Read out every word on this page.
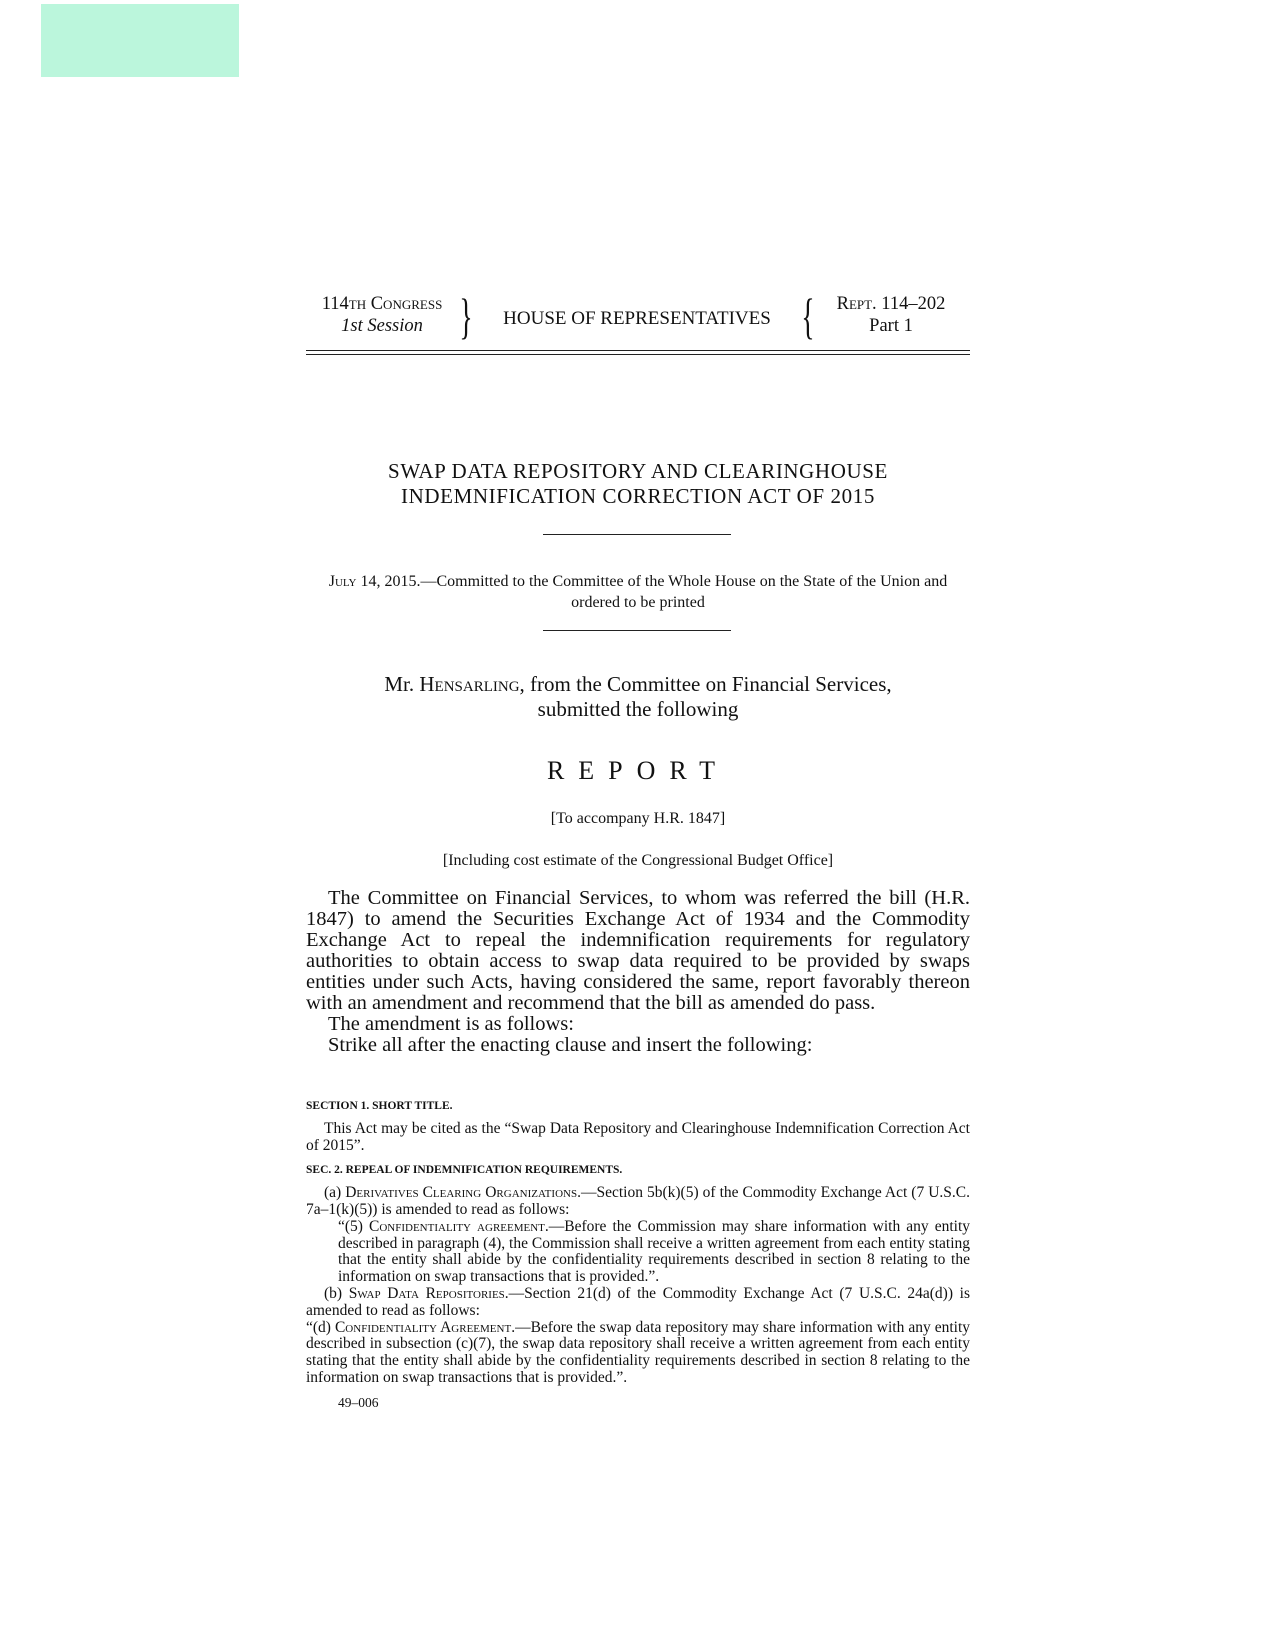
114th Congress
1st Session }	HOUSE OF REPRESENTATIVES {	Rept. 114–202
Part 1
SWAP DATA REPOSITORY AND CLEARINGHOUSE
INDEMNIFICATION CORRECTION ACT OF 2015
July 14, 2015.—Committed to the Committee of the Whole House on the State of the Union and ordered to be printed
Mr. Hensarling, from the Committee on Financial Services,
submitted the following
REPORT
[To accompany H.R. 1847]
[Including cost estimate of the Congressional Budget Office]

The Committee on Financial Services, to whom was referred the bill (H.R. 1847) to amend the Securities Exchange Act of 1934 and the Commodity Exchange Act to repeal the indemnification requirements for regulatory authorities to obtain access to swap data required to be provided by swaps entities under such Acts, having considered the same, report favorably thereon with an amendment and recommend that the bill as amended do pass.

The amendment is as follows:

Strike all after the enacting clause and insert the following:

SECTION 1. SHORT TITLE.

This Act may be cited as the “Swap Data Repository and Clearinghouse Indemnification Correction Act of 2015”.

SEC. 2. REPEAL OF INDEMNIFICATION REQUIREMENTS.

(a) Derivatives Clearing Organizations.—Section 5b(k)(5) of the Commodity Exchange Act (7 U.S.C. 7a–1(k)(5)) is amended to read as follows:

“(5) Confidentiality agreement.—Before the Commission may share information with any entity described in paragraph (4), the Commission shall receive a written agreement from each entity stating that the entity shall abide by the confidentiality requirements described in section 8 relating to the information on swap transactions that is provided.”.

(b) Swap Data Repositories.—Section 21(d) of the Commodity Exchange Act (7 U.S.C. 24a(d)) is amended to read as follows:

“(d) Confidentiality Agreement.—Before the swap data repository may share information with any entity described in subsection (c)(7), the swap data repository shall receive a written agreement from each entity stating that the entity shall abide by the confidentiality requirements described in section 8 relating to the information on swap transactions that is provided.”.

49–006
